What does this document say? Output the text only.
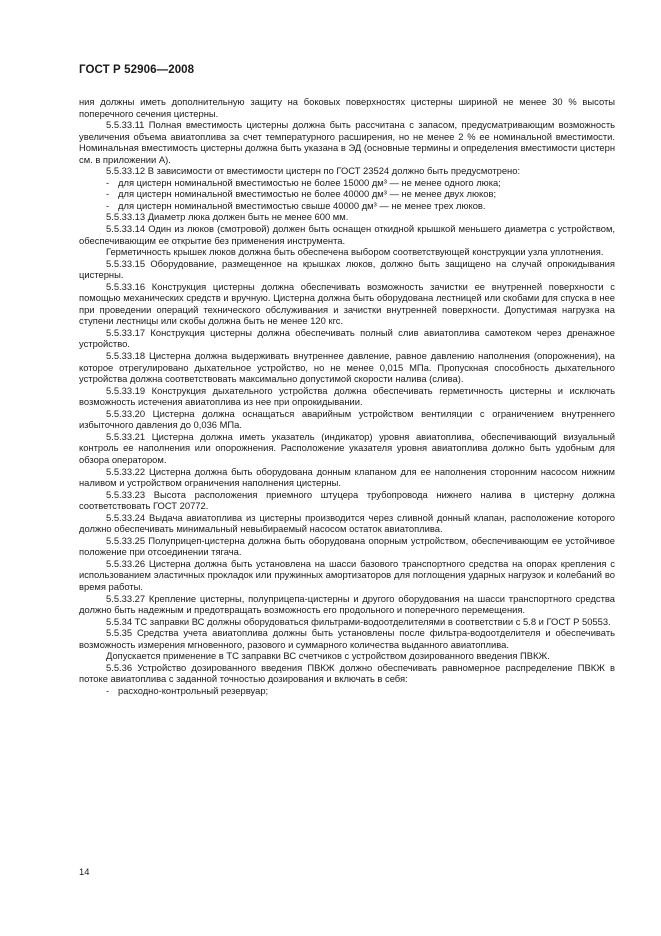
ГОСТ Р 52906—2008

ния должны иметь дополнительную защиту на боковых поверхностях цистерны шириной не менее 30 % высоты поперечного сечения цистерны.

5.5.33.11 Полная вместимость цистерны должна быть рассчитана с запасом, предусматривающим возможность увеличения объема авиатоплива за счет температурного расширения, но не менее 2 % ее номинальной вместимости. Номинальная вместимость цистерны должна быть указана в ЭД (основные термины и определения вместимости цистерн см. в приложении А).

5.5.33.12 В зависимости от вместимости цистерн по ГОСТ 23524 должно быть предусмотрено:

- для цистерн номинальной вместимостью не более 15000 дм³ — не менее одного люка;

- для цистерн номинальной вместимостью не более 40000 дм³ — не менее двух люков;

- для цистерн номинальной вместимостью свыше 40000 дм³ — не менее трех люков.

5.5.33.13 Диаметр люка должен быть не менее 600 мм.

5.5.33.14 Один из люков (смотровой) должен быть оснащен откидной крышкой меньшего диаметра с устройством, обеспечивающим ее открытие без применения инструмента.

Герметичность крышек люков должна быть обеспечена выбором соответствующей конструкции узла уплотнения.

5.5.33.15 Оборудование, размещенное на крышках люков, должно быть защищено на случай опрокидывания цистерны.

5.5.33.16 Конструкция цистерны должна обеспечивать возможность зачистки ее внутренней поверхности с помощью механических средств и вручную. Цистерна должна быть оборудована лестницей или скобами для спуска в нее при проведении операций технического обслуживания и зачистки внутренней поверхности. Допустимая нагрузка на ступени лестницы или скобы должна быть не менее 120 кгс.

5.5.33.17 Конструкция цистерны должна обеспечивать полный слив авиатоплива самотеком через дренажное устройство.

5.5.33.18 Цистерна должна выдерживать внутреннее давление, равное давлению наполнения (опорожнения), на которое отрегулировано дыхательное устройство, но не менее 0,015 МПа. Пропускная способность дыхательного устройства должна соответствовать максимально допустимой скорости налива (слива).

5.5.33.19 Конструкция дыхательного устройства должна обеспечивать герметичность цистерны и исключать возможность истечения авиатоплива из нее при опрокидывании.

5.5.33.20 Цистерна должна оснащаться аварийным устройством вентиляции с ограничением внутреннего избыточного давления до 0,036 МПа.

5.5.33.21 Цистерна должна иметь указатель (индикатор) уровня авиатоплива, обеспечивающий визуальный контроль ее наполнения или опорожнения. Расположение указателя уровня авиатоплива должно быть удобным для обзора оператором.

5.5.33.22 Цистерна должна быть оборудована донным клапаном для ее наполнения сторонним насосом нижним наливом и устройством ограничения наполнения цистерны.

5.5.33.23 Высота расположения приемного штуцера трубопровода нижнего налива в цистерну должна соответствовать ГОСТ 20772.

5.5.33.24 Выдача авиатоплива из цистерны производится через сливной донный клапан, расположение которого должно обеспечивать минимальный невыбираемый насосом остаток авиатоплива.

5.5.33.25 Полуприцеп-цистерна должна быть оборудована опорным устройством, обеспечивающим ее устойчивое положение при отсоединении тягача.

5.5.33.26 Цистерна должна быть установлена на шасси базового транспортного средства на опорах крепления с использованием эластичных прокладок или пружинных амортизаторов для поглощения ударных нагрузок и колебаний во время работы.

5.5.33.27 Крепление цистерны, полуприцепа-цистерны и другого оборудования на шасси транспортного средства должно быть надежным и предотвращать возможность его продольного и поперечного перемещения.

5.5.34 ТС заправки ВС должны оборудоваться фильтрами-водоотделителями в соответствии с 5.8 и ГОСТ Р 50553.

5.5.35 Средства учета авиатоплива должны быть установлены после фильтра-водоотделителя и обеспечивать возможность измерения мгновенного, разового и суммарного количества выданного авиатоплива.

Допускается применение в ТС заправки ВС счетчиков с устройством дозированного введения ПВКЖ.

5.5.36 Устройство дозированного введения ПВКЖ должно обеспечивать равномерное распределение ПВКЖ в потоке авиатоплива с заданной точностью дозирования и включать в себя:

- расходно-контрольный резервуар;

14
